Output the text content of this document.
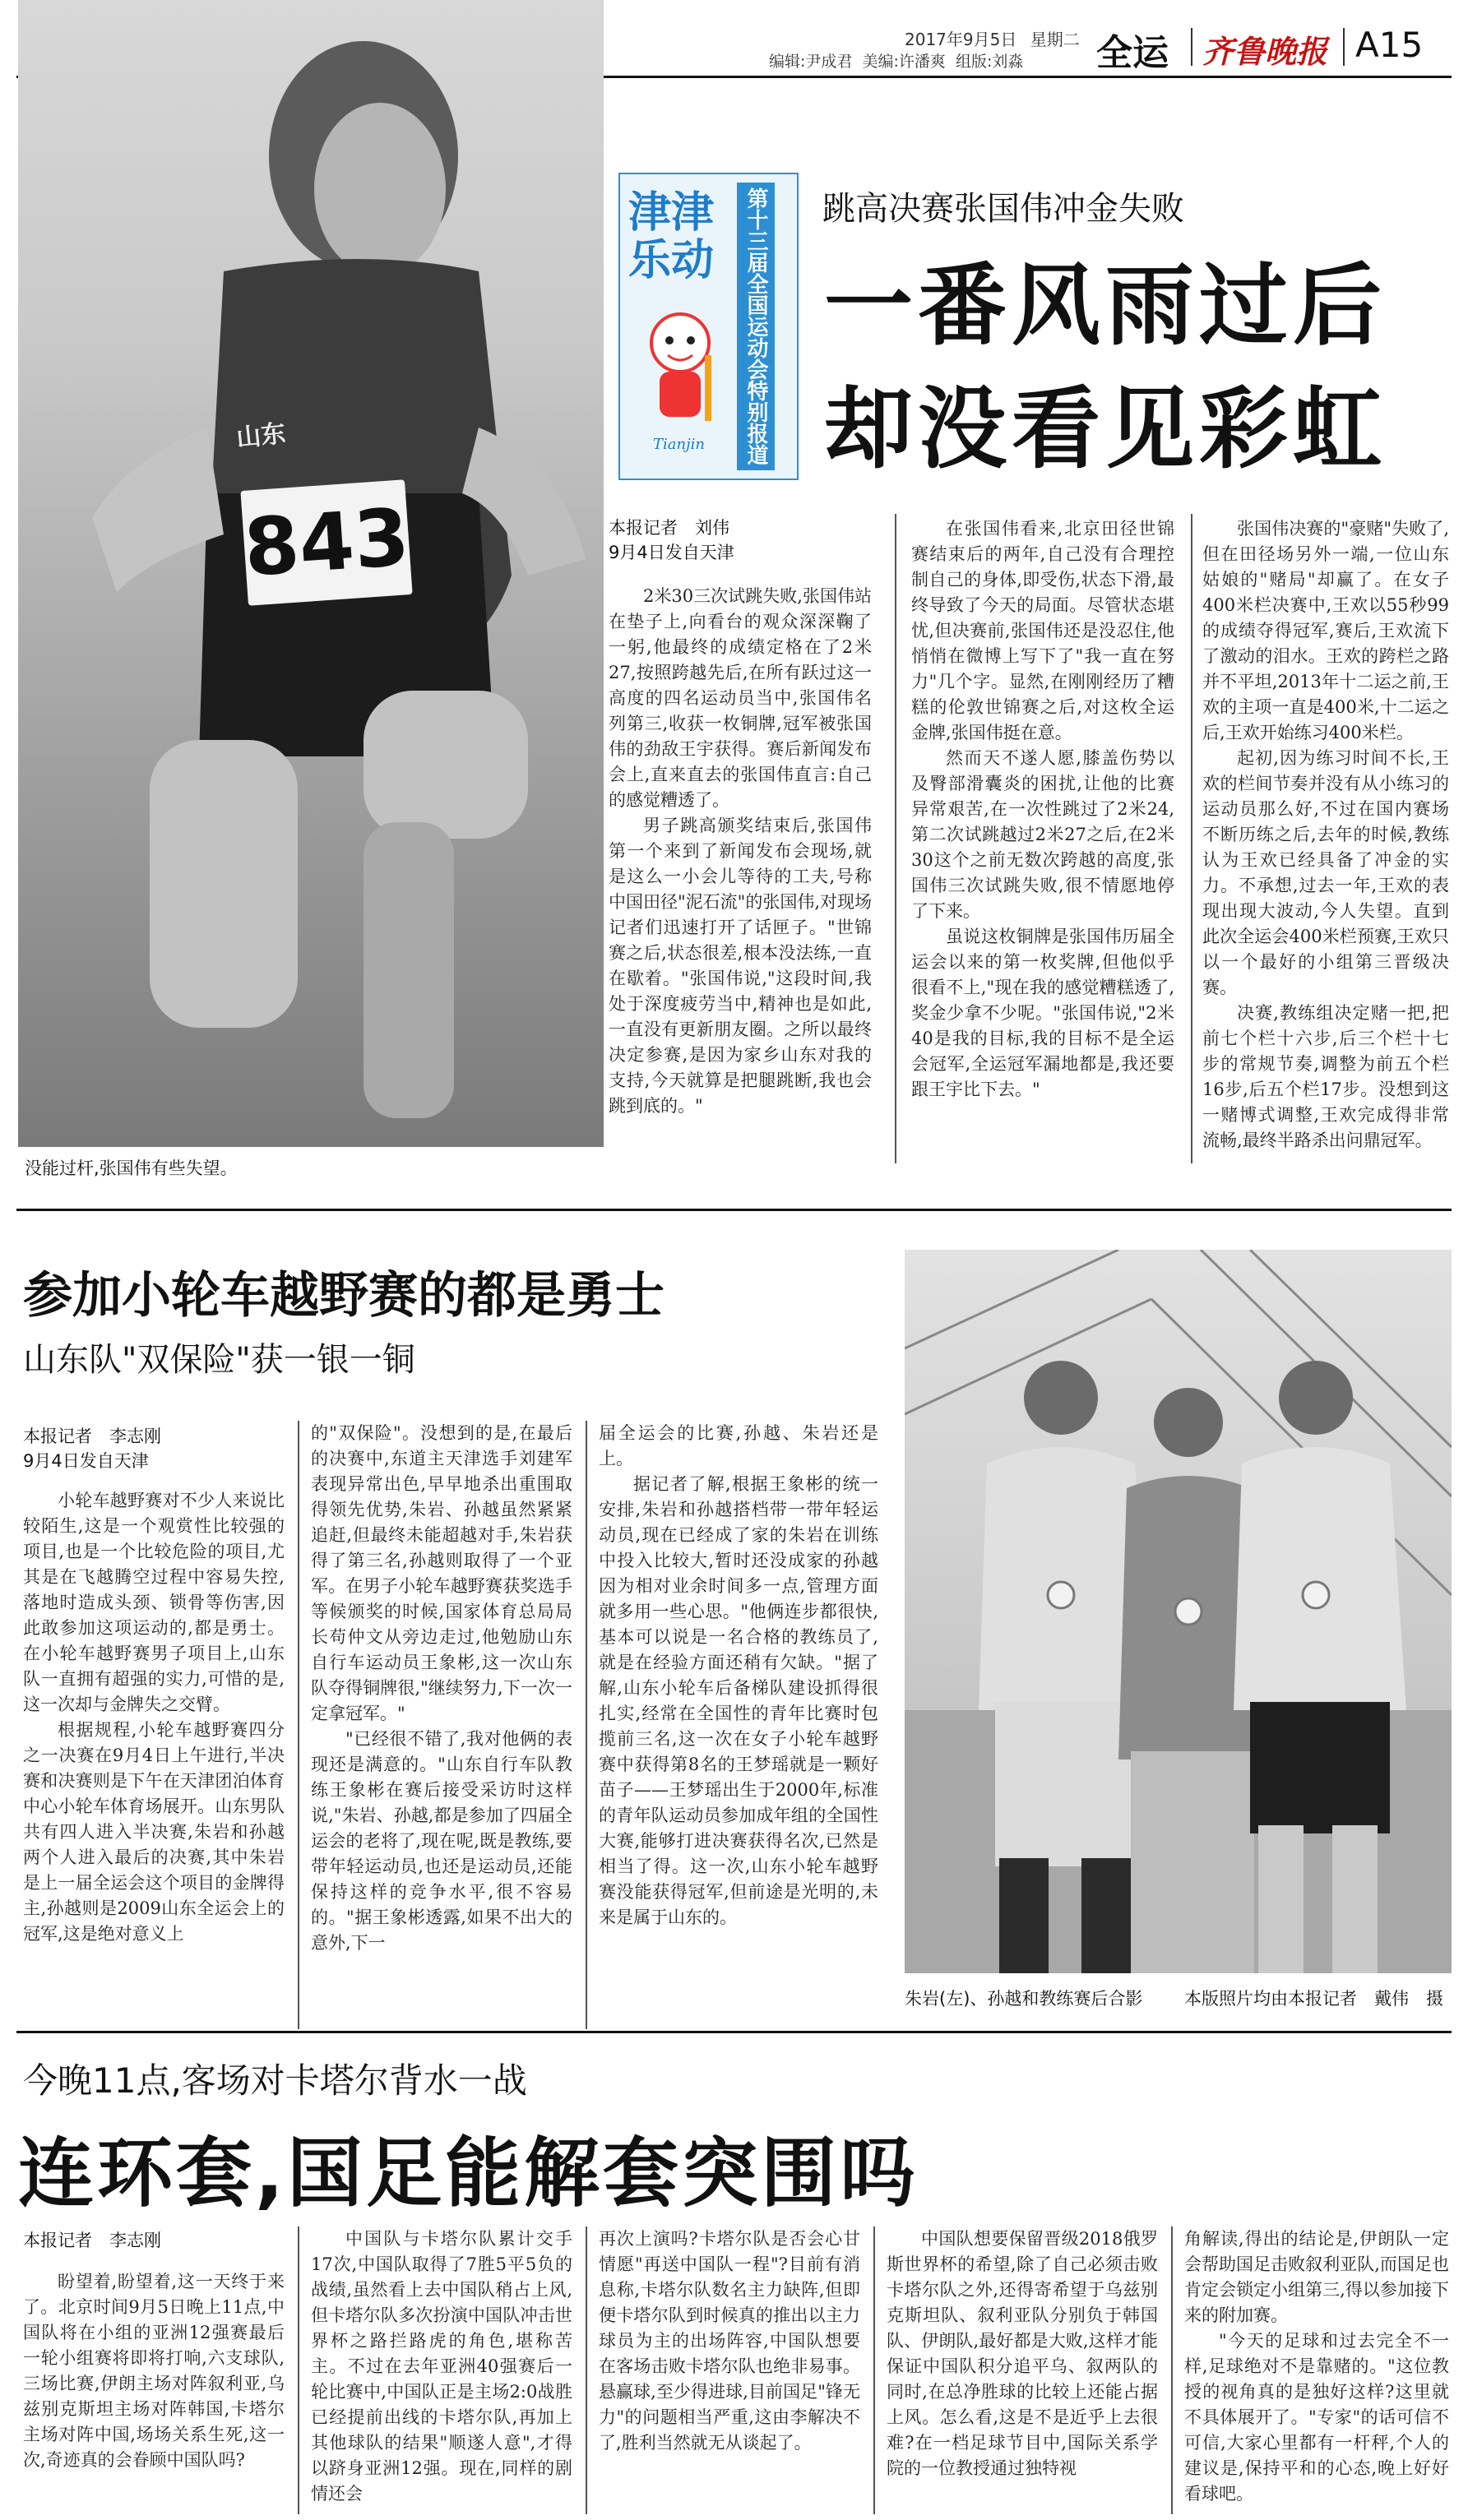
2017年9月5日 星期二
编辑:尹成君  美编:许潘爽  组版:刘淼 全运 齐鲁晚报 A15
山东
843
没能过杆,张国伟有些失望。
津津乐动	第十三届全国运动会特别报道
Tianjin
跳高决赛张国伟冲金失败
一番风雨过后
却没看见彩虹
本报记者　刘伟
9月4日发自天津

2米30三次试跳失败,张国伟站在垫子上,向看台的观众深深鞠了一躬,他最终的成绩定格在了2米27,按照跨越先后,在所有跃过这一高度的四名运动员当中,张国伟名列第三,收获一枚铜牌,冠军被张国伟的劲敌王宇获得。赛后新闻发布会上,直来直去的张国伟直言:自己的感觉糟透了。

男子跳高颁奖结束后,张国伟第一个来到了新闻发布会现场,就是这么一小会儿等待的工夫,号称中国田径"泥石流"的张国伟,对现场记者们迅速打开了话匣子。"世锦赛之后,状态很差,根本没法练,一直在歇着。"张国伟说,"这段时间,我处于深度疲劳当中,精神也是如此,一直没有更新朋友圈。之所以最终决定参赛,是因为家乡山东对我的支持,今天就算是把腿跳断,我也会跳到底的。"

在张国伟看来,北京田径世锦赛结束后的两年,自己没有合理控制自己的身体,即受伤,状态下滑,最终导致了今天的局面。尽管状态堪忧,但决赛前,张国伟还是没忍住,他悄悄在微博上写下了"我一直在努力"几个字。显然,在刚刚经历了糟糕的伦敦世锦赛之后,对这枚全运金牌,张国伟挺在意。

然而天不遂人愿,膝盖伤势以及臀部滑囊炎的困扰,让他的比赛异常艰苦,在一次性跳过了2米24,第二次试跳越过2米27之后,在2米30这个之前无数次跨越的高度,张国伟三次试跳失败,很不情愿地停了下来。

虽说这枚铜牌是张国伟历届全运会以来的第一枚奖牌,但他似乎很看不上,"现在我的感觉糟糕透了,奖金少拿不少呢。"张国伟说,"2米40是我的目标,我的目标不是全运会冠军,全运冠军漏地都是,我还要跟王宇比下去。"

张国伟决赛的"豪赌"失败了,但在田径场另外一端,一位山东姑娘的"赌局"却赢了。在女子400米栏决赛中,王欢以55秒99的成绩夺得冠军,赛后,王欢流下了激动的泪水。王欢的跨栏之路并不平坦,2013年十二运之前,王欢的主项一直是400米,十二运之后,王欢开始练习400米栏。

起初,因为练习时间不长,王欢的栏间节奏并没有从小练习的运动员那么好,不过在国内赛场不断历练之后,去年的时候,教练认为王欢已经具备了冲金的实力。不承想,过去一年,王欢的表现出现大波动,今人失望。直到此次全运会400米栏预赛,王欢只以一个最好的小组第三晋级决赛。

决赛,教练组决定赌一把,把前七个栏十六步,后三个栏十七步的常规节奏,调整为前五个栏16步,后五个栏17步。没想到这一赌博式调整,王欢完成得非常流畅,最终半路杀出问鼎冠军。

参加小轮车越野赛的都是勇士
山东队"双保险"获一银一铜
本报记者　李志刚
9月4日发自天津

小轮车越野赛对不少人来说比较陌生,这是一个观赏性比较强的项目,也是一个比较危险的项目,尤其是在飞越腾空过程中容易失控,落地时造成头颈、锁骨等伤害,因此敢参加这项运动的,都是勇士。在小轮车越野赛男子项目上,山东队一直拥有超强的实力,可惜的是,这一次却与金牌失之交臂。

根据规程,小轮车越野赛四分之一决赛在9月4日上午进行,半决赛和决赛则是下午在天津团泊体育中心小轮车体育场展开。山东男队共有四人进入半决赛,朱岩和孙越两个人进入最后的决赛,其中朱岩是上一届全运会这个项目的金牌得主,孙越则是2009山东全运会上的冠军,这是绝对意义上

的"双保险"。没想到的是,在最后的决赛中,东道主天津选手刘建军表现异常出色,早早地杀出重围取得领先优势,朱岩、孙越虽然紧紧追赶,但最终未能超越对手,朱岩获得了第三名,孙越则取得了一个亚军。在男子小轮车越野赛获奖选手等候颁奖的时候,国家体育总局局长苟仲文从旁边走过,他勉励山东自行车运动员王象彬,这一次山东队夺得铜牌很,"继续努力,下一次一定拿冠军。"

"已经很不错了,我对他俩的表现还是满意的。"山东自行车队教练王象彬在赛后接受采访时这样说,"朱岩、孙越,都是参加了四届全运会的老将了,现在呢,既是教练,要带年轻运动员,也还是运动员,还能保持这样的竞争水平,很不容易的。"据王象彬透露,如果不出大的意外,下一

届全运会的比赛,孙越、朱岩还是上。

据记者了解,根据王象彬的统一安排,朱岩和孙越搭档带一带年轻运动员,现在已经成了家的朱岩在训练中投入比较大,暂时还没成家的孙越因为相对业余时间多一点,管理方面就多用一些心思。"他俩连步都很快,基本可以说是一名合格的教练员了,就是在经验方面还稍有欠缺。"据了解,山东小轮车后备梯队建设抓得很扎实,经常在全国性的青年比赛时包揽前三名,这一次在女子小轮车越野赛中获得第8名的王梦瑶就是一颗好苗子——王梦瑶出生于2000年,标准的青年队运动员参加成年组的全国性大赛,能够打进决赛获得名次,已然是相当了得。这一次,山东小轮车越野赛没能获得冠军,但前途是光明的,未来是属于山东的。

朱岩(左)、孙越和教练赛后合影 本版照片均由本报记者　戴伟　摄
今晚11点,客场对卡塔尔背水一战
连环套,国足能解套突围吗
本报记者　李志刚

盼望着,盼望着,这一天终于来了。北京时间9月5日晚上11点,中国队将在小组的亚洲12强赛最后一轮小组赛将即将打响,六支球队,三场比赛,伊朗主场对阵叙利亚,乌兹别克斯坦主场对阵韩国,卡塔尔主场对阵中国,场场关系生死,这一次,奇迹真的会眷顾中国队吗?

中国队与卡塔尔队累计交手17次,中国队取得了7胜5平5负的战绩,虽然看上去中国队稍占上风,但卡塔尔队多次扮演中国队冲击世界杯之路拦路虎的角色,堪称苦主。不过在去年亚洲40强赛后一轮比赛中,中国队正是主场2:0战胜已经提前出线的卡塔尔队,再加上其他球队的结果"顺遂人意",才得以跻身亚洲12强。现在,同样的剧情还会

再次上演吗?卡塔尔队是否会心甘情愿"再送中国队一程"?目前有消息称,卡塔尔队数名主力缺阵,但即便卡塔尔队到时候真的推出以主力球员为主的出场阵容,中国队想要在客场击败卡塔尔队也绝非易事。悬赢球,至少得进球,目前国足"锋无力"的问题相当严重,这由李解决不了,胜利当然就无从谈起了。

中国队想要保留晋级2018俄罗斯世界杯的希望,除了自己必须击败卡塔尔队之外,还得寄希望于乌兹别克斯坦队、叙利亚队分别负于韩国队、伊朗队,最好都是大败,这样才能保证中国队积分追平乌、叙两队的同时,在总净胜球的比较上还能占据上风。怎么看,这是不是近乎上去很难?在一档足球节目中,国际关系学院的一位教授通过独特视

角解读,得出的结论是,伊朗队一定会帮助国足击败叙利亚队,而国足也肯定会锁定小组第三,得以参加接下来的附加赛。

"今天的足球和过去完全不一样,足球绝对不是靠赌的。"这位教授的视角真的是独好这样?这里就不具体展开了。"专家"的话可信不可信,大家心里都有一杆秤,个人的建议是,保持平和的心态,晚上好好看球吧。
